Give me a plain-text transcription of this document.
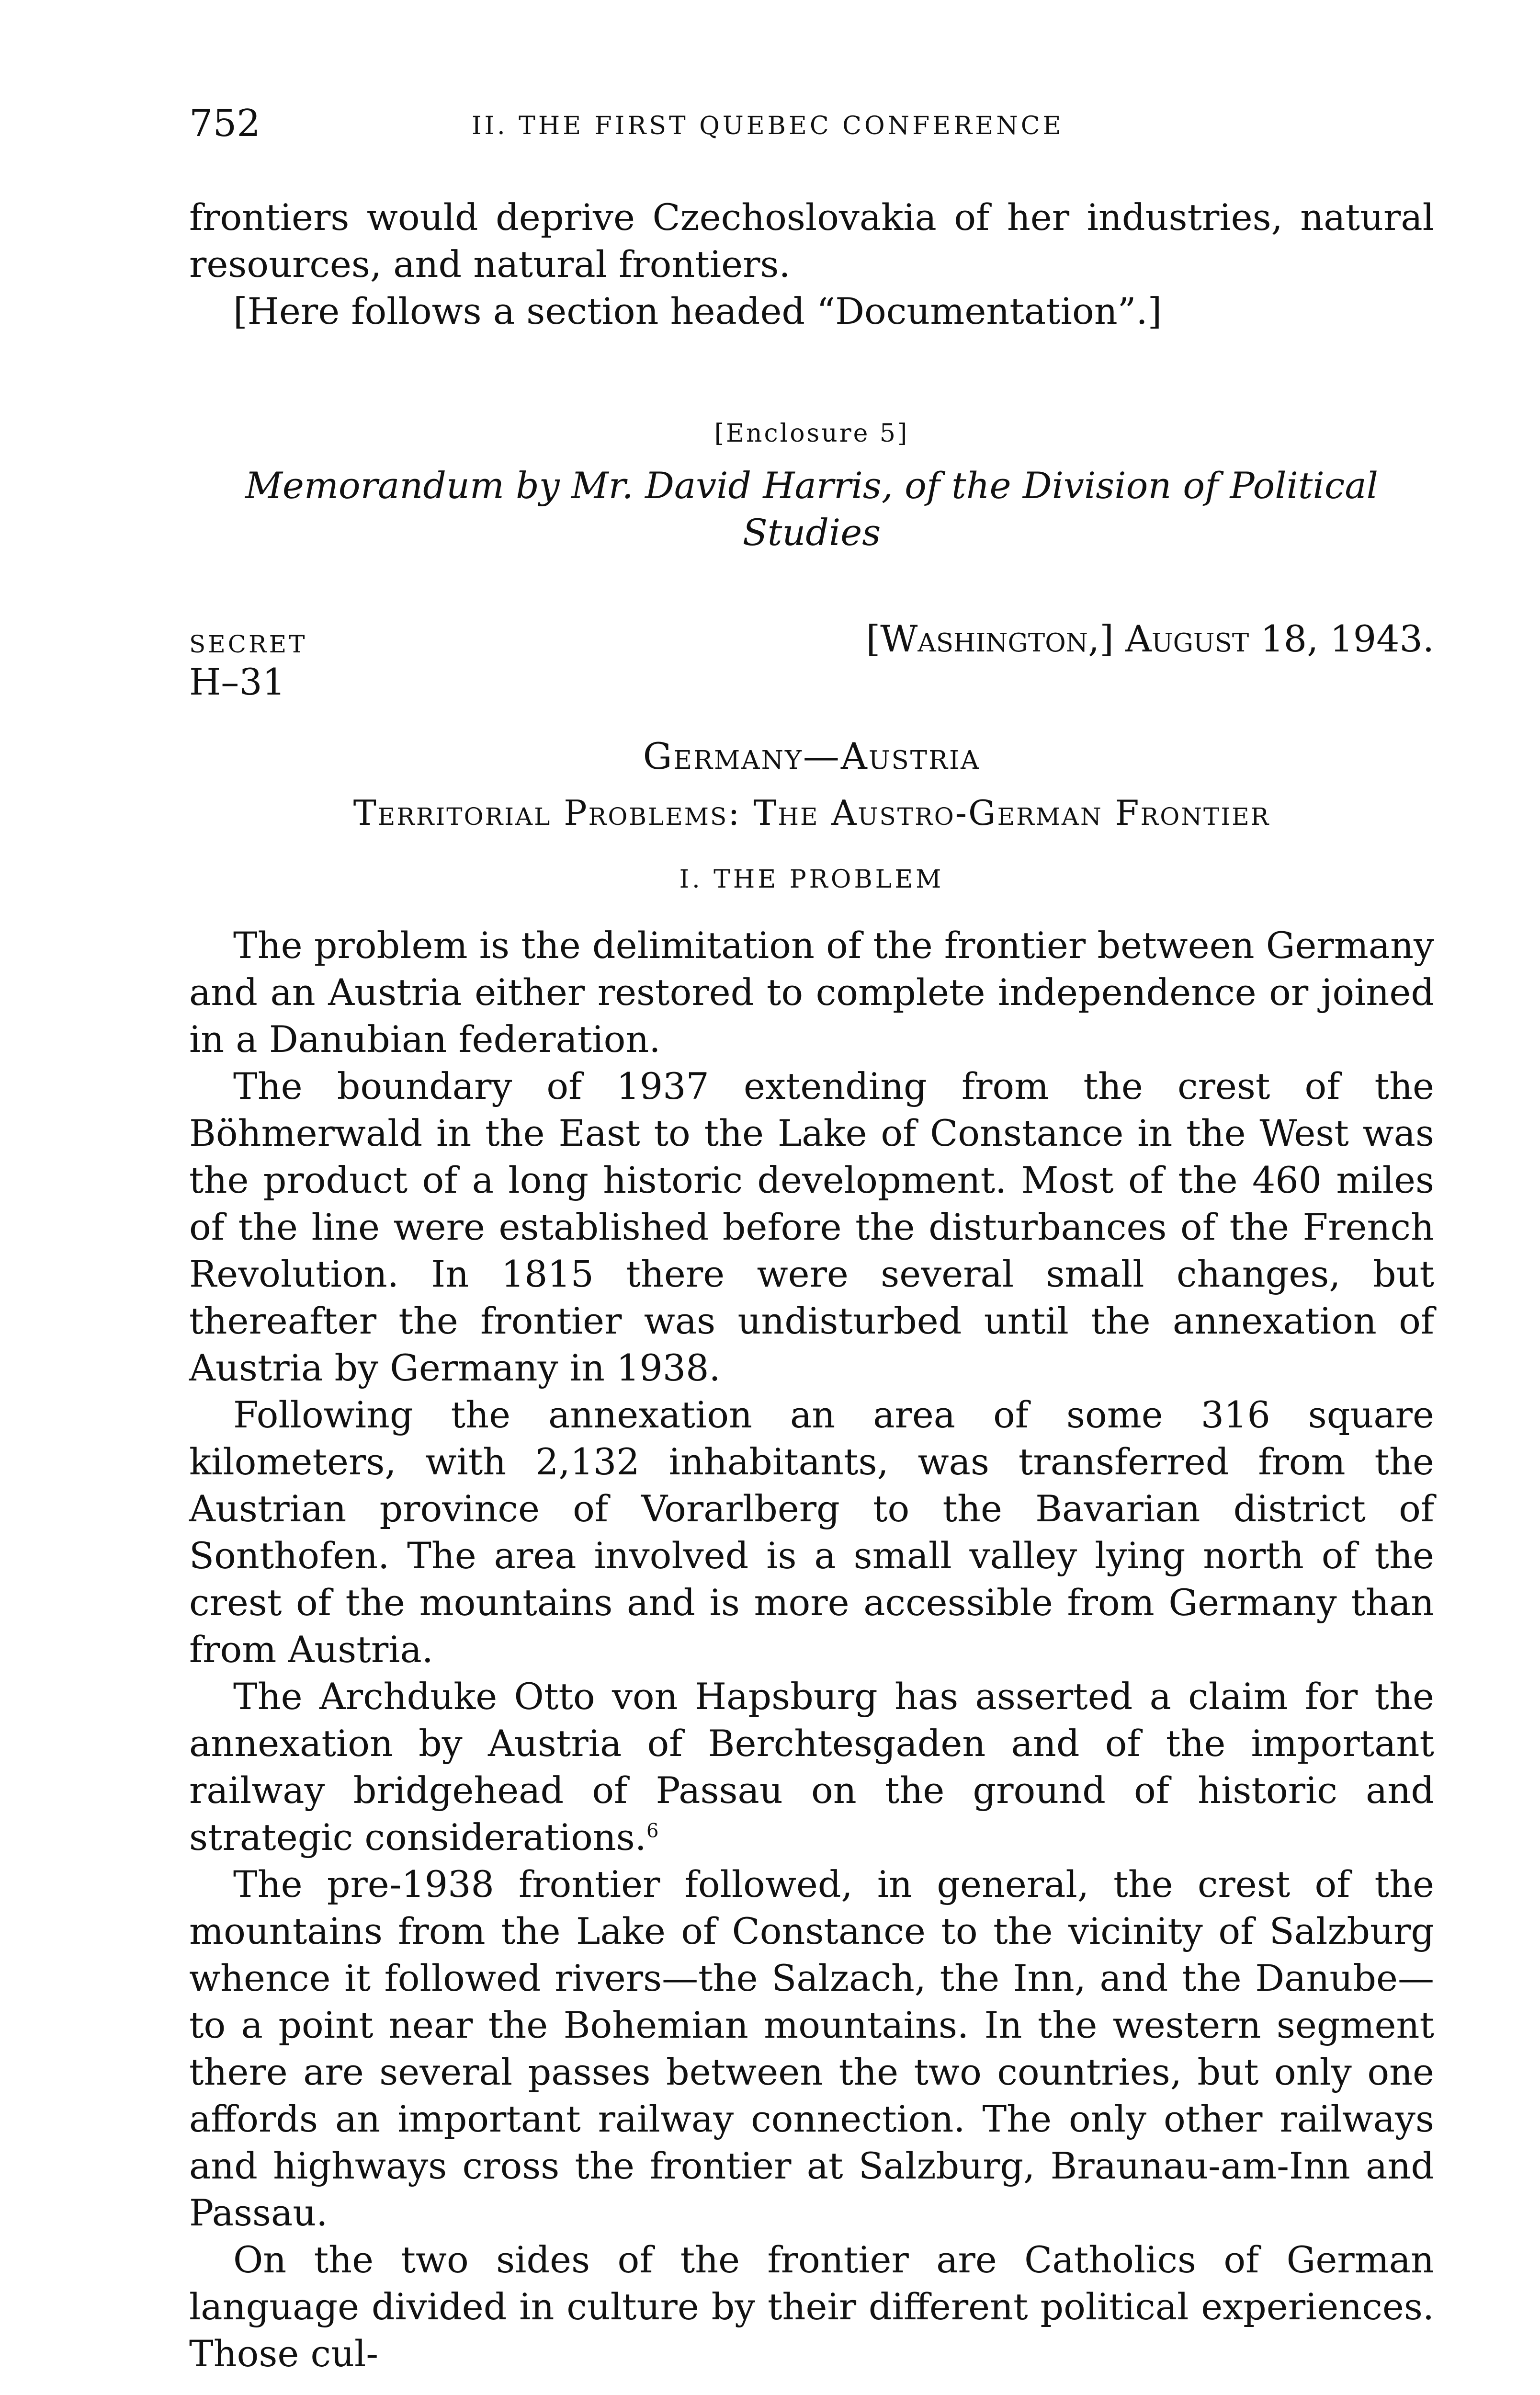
752	II. THE FIRST QUEBEC CONFERENCE

frontiers would deprive Czechoslovakia of her industries, natural resources, and natural frontiers.

[Here follows a section headed “Documentation”.]

[Enclosure 5]

Memorandum by Mr. David Harris, of the Division of Political Studies

SECRET
H–31
[Washington,] August 18, 1943.

Germany—Austria

Territorial Problems: The Austro-German Frontier

I. THE PROBLEM

The problem is the delimitation of the frontier between Germany and an Austria either restored to complete independence or joined in a Danubian federation.

The boundary of 1937 extending from the crest of the Böhmerwald in the East to the Lake of Constance in the West was the product of a long historic development. Most of the 460 miles of the line were established before the disturbances of the French Revolution. In 1815 there were several small changes, but thereafter the frontier was undisturbed until the annexation of Austria by Germany in 1938.

Following the annexation an area of some 316 square kilometers, with 2,132 inhabitants, was transferred from the Austrian province of Vorarlberg to the Bavarian district of Sonthofen. The area involved is a small valley lying north of the crest of the mountains and is more accessible from Germany than from Austria.

The Archduke Otto von Hapsburg has asserted a claim for the annexation by Austria of Berchtesgaden and of the important railway bridgehead of Passau on the ground of historic and strategic considerations.$^6$

The pre-1938 frontier followed, in general, the crest of the mountains from the Lake of Constance to the vicinity of Salzburg whence it followed rivers—the Salzach, the Inn, and the Danube—to a point near the Bohemian mountains. In the western segment there are several passes between the two countries, but only one affords an important railway connection. The only other railways and highways cross the frontier at Salzburg, Braunau-am-Inn and Passau.

On the two sides of the frontier are Catholics of German language divided in culture by their different political experiences. Those cul-
